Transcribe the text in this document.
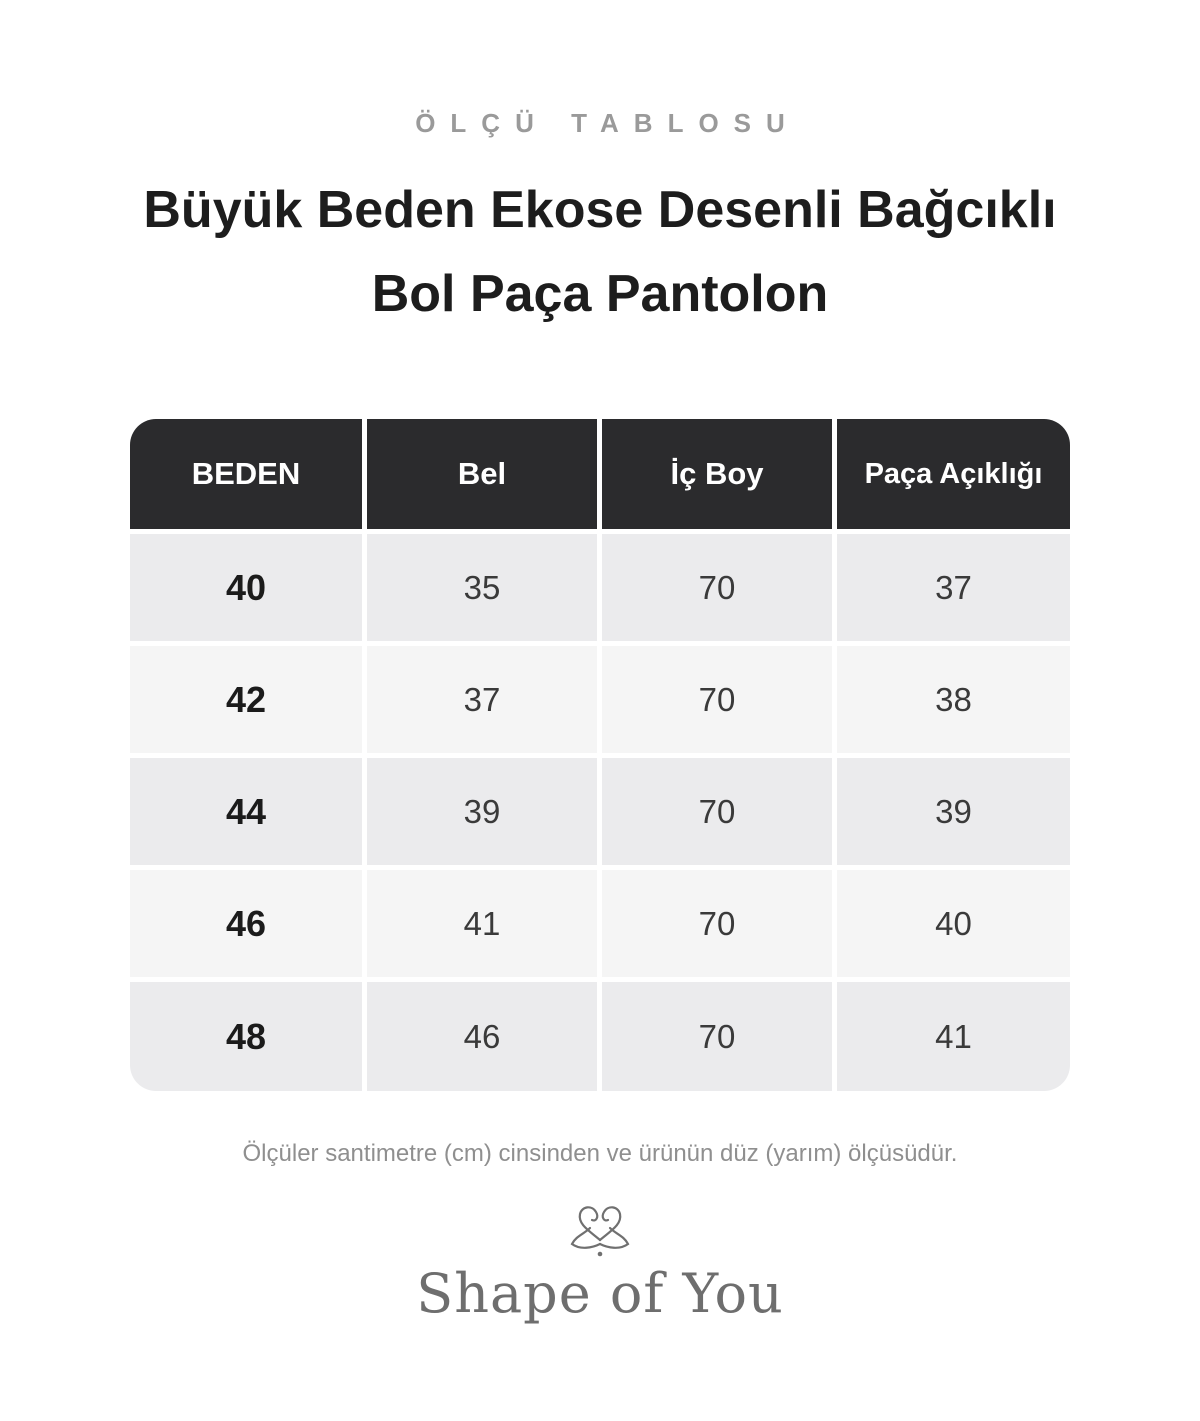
ÖLÇÜ TABLOSU
Büyük Beden Ekose Desenli Bağcıklı
Bol Paça Pantolon
BEDEN	Bel	İç Boy	Paça Açıklığı
40	35	70	37
42	37	70	38
44	39	70	39
46	41	70	40
48	46	70	41
Ölçüler santimetre (cm) cinsinden ve ürünün düz (yarım) ölçüsüdür.
Shape of You
